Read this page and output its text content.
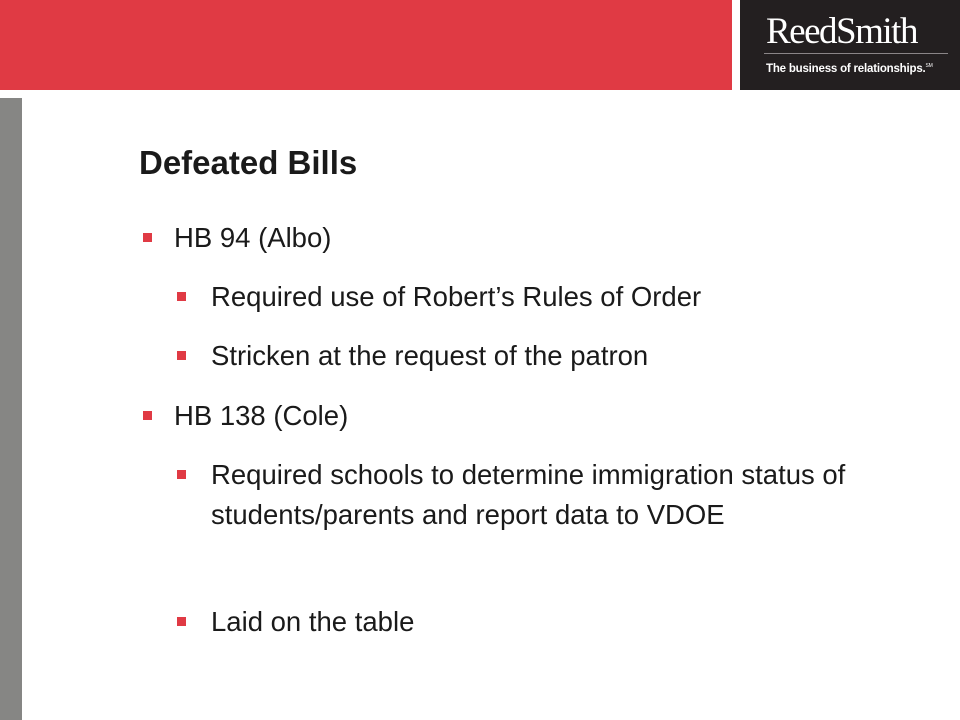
ReedSmith
The business of relationships.℠
Defeated Bills
HB 94 (Albo)
Required use of Robert’s Rules of Order
Stricken at the request of the patron
HB 138 (Cole)
Required schools to determine immigration status of students/parents and report data to VDOE
Laid on the table
